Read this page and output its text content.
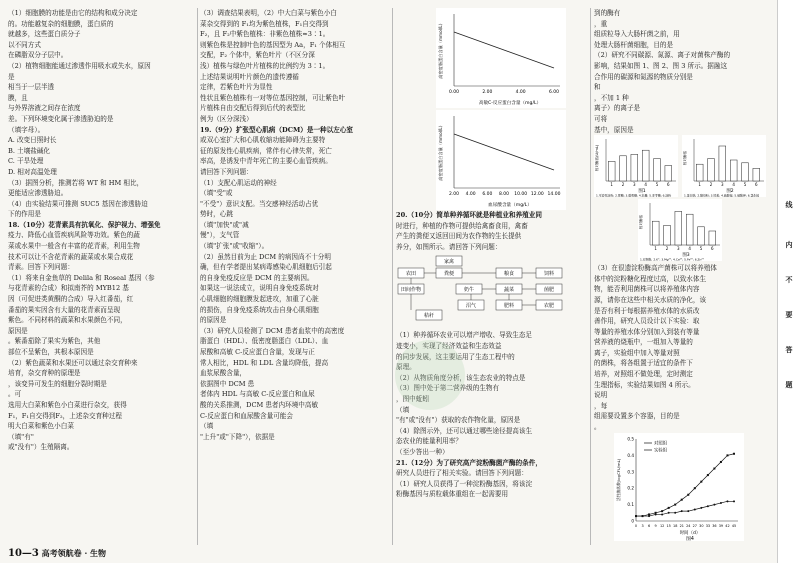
（1）细胞膜的功能是由它的结构和成分决定

的。功能越复杂的细胞膜，蛋白质的

就越多，这些蛋白质分子

以不同方式

在磷脂双分子层中。

（2）植物细胞能通过渗透作用吸水或失水，原因

是

相当于一层半透

膜，且

与外界溶液之间存在浓度

差。下列环境变化属于渗透胁迫的是

（填字母）。

A. 改变日照时长

B. 土壤盐碱化

C. 干旱处理

D. 相对高温处理

（3）据图分析，推测若将 WT 和 HM 相比，

更能适应渗透胁迫。

（4）由实验结果可推测 SUC5 基因在渗透胁迫

下的作用是

18.（10分）花青素具有抗氧化、保护视力、增强免

疫力、降低心血管疾病风险等功效。紫色的蔬

菜或水果中一般含有丰富的花青素，利用生物

技术可以让不含花青素的蔬菜或水果合成花

青素。回答下列问题：

（1）将来自金鱼草的 Delila 和 Roseal 基因（参

与花青素的合成）和拟南芥的 MYB12 基

因（可促进类黄酮的合成）导入红番茄，红

番茄的果实因含有大量的花青素而呈现

紫色。不同材料的蔬菜和水果颜色不同，

原因是

。紫番茄除了果实为紫色，其他

部位不呈紫色，其根本原因是

（2）紫色蔬菜和水果还可以通过杂交育种来

培育，杂交育种的原理是

，该变异可发生的细胞分裂时期是

。可

选用大白菜和紫色小白菜进行杂交，获得

F₁，F₁自交得到F₂，上述杂交育种过程

明大白菜和紫色小白菜

（填"有"

或"没有"）生殖隔离。

（3）调查结果表明，（2）中大白菜与紫色小白

菜杂交得到的 F₁均为紫色植株，F₁自交得到

F₂，且 F₂中紫色植株：非紫色植株≈3∶1。

则紫色株是控制叶色的基因型为 Aa，F₁ 个体相互

交配，F₂ 个体中，紫色叶片（不区分深

浅）植株与绿色叶片植株的比例约为 3∶1。

上述结果说明叶片颜色的遗传遵循

定律，若紫色叶片为显性

性状且紫色植株有一对等位基因控制，可让紫色叶

片植株自由交配后得到后代的表型比

例为（区分深浅）

19.（9分）扩张型心肌病（DCM）是一种以左心室

或双心室扩大和心肌收缩功能障碍为主要特

征的原发性心肌疾病，常伴有心律失常，死亡

率高，是诱发中青年死亡的主要心血管疾病。

请回答下列问题：

（1）支配心肌运动的神经

（填"受"或

"不受"）意识支配。当交感神经活动占优

势时，心跳

（填"加快"或"减

慢"），支气管

（填"扩张"或"收缩"）。

（2）虽然目前为止 DCM 的病因尚不十分明

确，但有学者提出某病毒感染心肌细胞后引起

的自身免疫反应是 DCM 的主要病因。

如果这一说法成立，说明自身免疫系统对

心肌细胞的细胞膜发起进攻，加重了心脏

的损伤，自身免疫系统攻击自身心肌细胞

的原因是

（3）研究人员检测了 DCM 患者血浆中的高密度

脂蛋白（HDL）、低密度脂蛋白（LDL）、血

尿酸和高敏 C-反应蛋白含量，发现与正

常人相比，HDL 和 LDL 含量均降低，提高

血浆尿酸含量，

依据图中 DCM 患

者体内 HDL 与高敏 C-反应蛋白和血尿

酸的关系推测，DCM 患者内环境中高敏

C-反应蛋白和血尿酸含量可能会

（填

"上升"或"下降"），依据是

0.00	2.00	4.00	6.00
高敏C-反应蛋白含量（mg/L）
高密度脂蛋白含量（mmol/L）
2.00 4.00 6.00 8.00 10.00 12.00 14.00
血尿酸含量（mg/L）
高密度脂蛋白含量（mmol/L）

20.（10分）简单种养循环就是种植业和养殖业同

时进行，种植的作物可提供给禽畜食用，禽畜

产生的粪便又返回田间为农作物的生长提供

养分，如图所示。请回答下列问题：

家禽
农田	粪便
田间作物	奶牛	蔬菜
粮食	饲料
沼气	肥料	农肥
秸秆
菌肥

（1）种养循环农业可以增产增收、导致生态足

迹变小，实现了经济效益和生态效益

的同步发展，这主要运用了生态工程中的

原理。

（2）从物质角度分析，该生态农业的特点是

（3）图中处于第二营养级的生物有

，图中蚯蚓

（填

"有"或"没有"）获取的农作物化量，原因是

（4）除图示外，还可以通过哪些途径提高该生

态农业的能量利用率？

（至少答出一种）

21.（12分）为了研究高产淀粉酶菌产酶的条件，

研究人员进行了相关实验。请回答下列问题：

（1）研究人员获得了一种淀粉酶基因，将该淀

粉酶基因与质粒载体重组在一起需要用

到的酶有

，重

组质粒导入大肠杆菌之前，用

处理大肠杆菌细胞，目的是

（2）研究不同碳源、氮源、离子对菌株产酶的

影响，结果如图 1、图 2、图 3 所示。据融这

合作用的碳源和氮源的物质分别是

和

，不加 1 种

离子）的离子是

可将

基中，原因是

1 2 3 4 5 6
图1
相对酶活(U/mL)
1.可溶性淀粉; 2.蔗糖; 3.葡萄糖; 4.乳糖; 5.麦芽糖; 6.淀粉
1 2 3 4 5 6
图2
相对酶活
1.蛋白胨; 2.酵母粉; 3.尿素; 4.硫酸铵; 5.硝酸钾; 6.氯化铵
1 2 3 4 5 6
图3
相对酶活
1.对照组; 2.K⁺; 3.Mg²⁺; 4.Ca²⁺; 5.Fe³⁺; 6.Zn²⁺

（3）在很遗淀粉酶高产菌株可以将养殖体

体中的淀粉糖化程度过高，以致水体生

物，能否利用菌株可以将养殖体内容

源，请你在这些中相关水质的净化，该

是否有利于每根据养殖水体的水质改

善作用，研究人员设计以下实验：取

等量的养殖水体分别加入到装有等量

营养液的烧瓶中，一组加入等量的

离子，实验组中加入等量对照

的菌株，将各组置于适宜的条件下

培养，对照组不做处理，定时测定

生理指标，实验结果如图 4 所示。

说明

，每

组需要设置多个容器，目的是

。

0
0.1
0.2
0.3
0.4
0.5
0 3 6 9 12 15 18 21 24 27 30 33 36 39 42 45
对照组
实验组
时间（d）
图4
活性菌落数(logCFU/mL)
线
内
不
要
答
题
10—3 高考领航卷 · 生物
